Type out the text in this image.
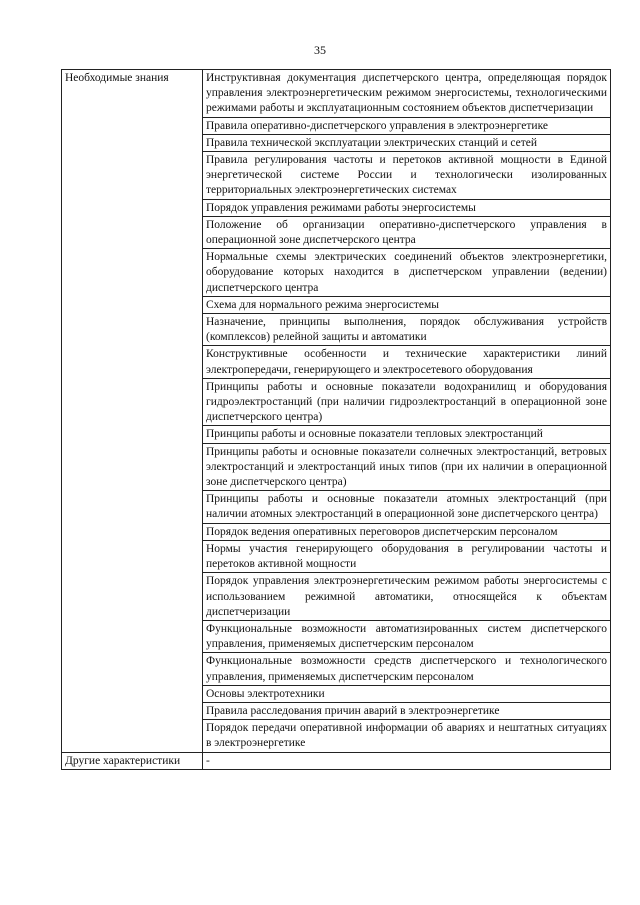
35
Необходимые знания	Инструктивная документация диспетчерского центра, определяющая порядок управления электроэнергетическим режимом энергосистемы, технологическими режимами работы и эксплуатационным состоянием объектов диспетчеризации
	Правила оперативно-диспетчерского управления в электроэнергетике
	Правила технической эксплуатации электрических станций и сетей
	Правила регулирования частоты и перетоков активной мощности в Единой энергетической системе России и технологически изолированных территориальных электроэнергетических системах
	Порядок управления режимами работы энергосистемы
	Положение об организации оперативно-диспетчерского управления в операционной зоне диспетчерского центра
	Нормальные схемы электрических соединений объектов электроэнергетики, оборудование которых находится в диспетчерском управлении (ведении) диспетчерского центра
	Схема для нормального режима энергосистемы
	Назначение, принципы выполнения, порядок обслуживания устройств (комплексов) релейной защиты и автоматики
	Конструктивные особенности и технические характеристики линий электропередачи, генерирующего и электросетевого оборудования
	Принципы работы и основные показатели водохранилищ и оборудования гидроэлектростанций (при наличии гидроэлектростанций в операционной зоне диспетчерского центра)
	Принципы работы и основные показатели тепловых электростанций
	Принципы работы и основные показатели солнечных электростанций, ветровых электростанций и электростанций иных типов (при их наличии в операционной зоне диспетчерского центра)
	Принципы работы и основные показатели атомных электростанций (при наличии атомных электростанций в операционной зоне диспетчерского центра)
	Порядок ведения оперативных переговоров диспетчерским персоналом
	Нормы участия генерирующего оборудования в регулировании частоты и перетоков активной мощности
	Порядок управления электроэнергетическим режимом работы энергосистемы с использованием режимной автоматики, относящейся к объектам диспетчеризации
	Функциональные возможности автоматизированных систем диспетчерского управления, применяемых диспетчерским персоналом
	Функциональные возможности средств диспетчерского и технологического управления, применяемых диспетчерским персоналом
	Основы электротехники
	Правила расследования причин аварий в электроэнергетике
	Порядок передачи оперативной информации об авариях и нештатных ситуациях в электроэнергетике
Другие характеристики	-
